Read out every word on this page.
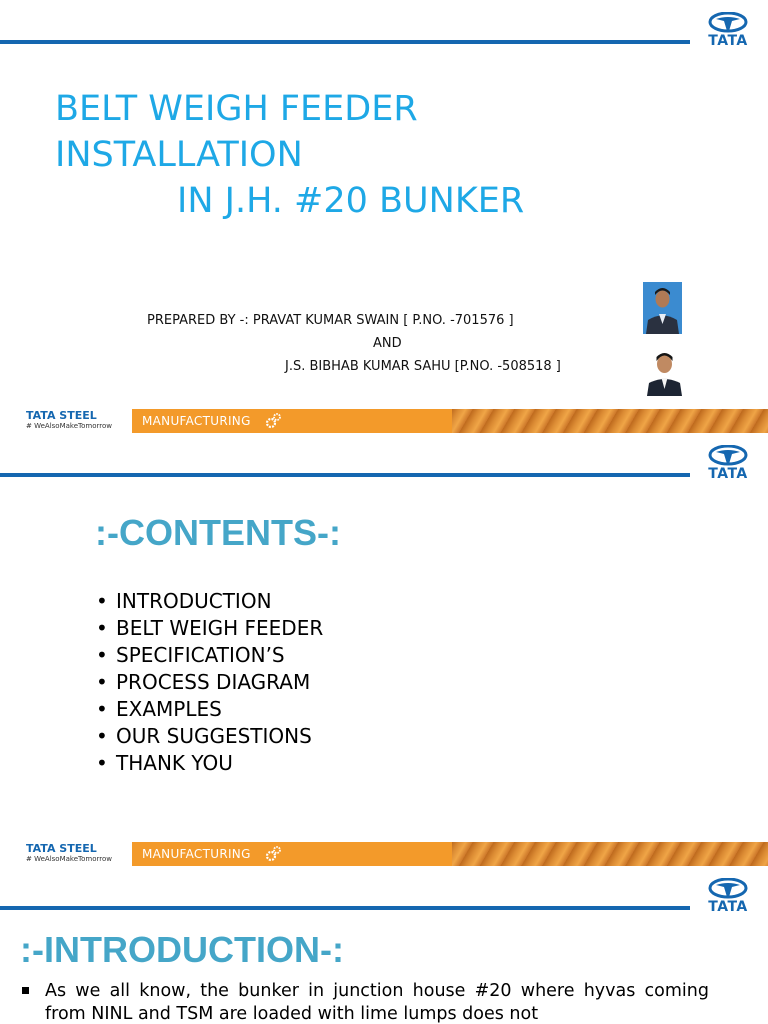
TATA
BELT WEIGH FEEDER
INSTALLATION
IN J.H. #20 BUNKER
PREPARED BY -: PRAVAT KUMAR SWAIN [ P.NO. -701576 ]
AND
J.S. BIBHAB KUMAR SAHU [P.NO. -508518 ]
TATA STEEL
# WeAlsoMakeTomorrow	MANUFACTURING
TATA
:-CONTENTS-:
• INTRODUCTION
• BELT WEIGH FEEDER
• SPECIFICATION’S
• PROCESS DIAGRAM
• EXAMPLES
• OUR SUGGESTIONS
• THANK YOU
TATA STEEL
# WeAlsoMakeTomorrow	MANUFACTURING
TATA
:-INTRODUCTION-:

As we all know, the bunker in junction house #20 where hyvas coming from NINL and TSM are loaded with lime lumps does not
